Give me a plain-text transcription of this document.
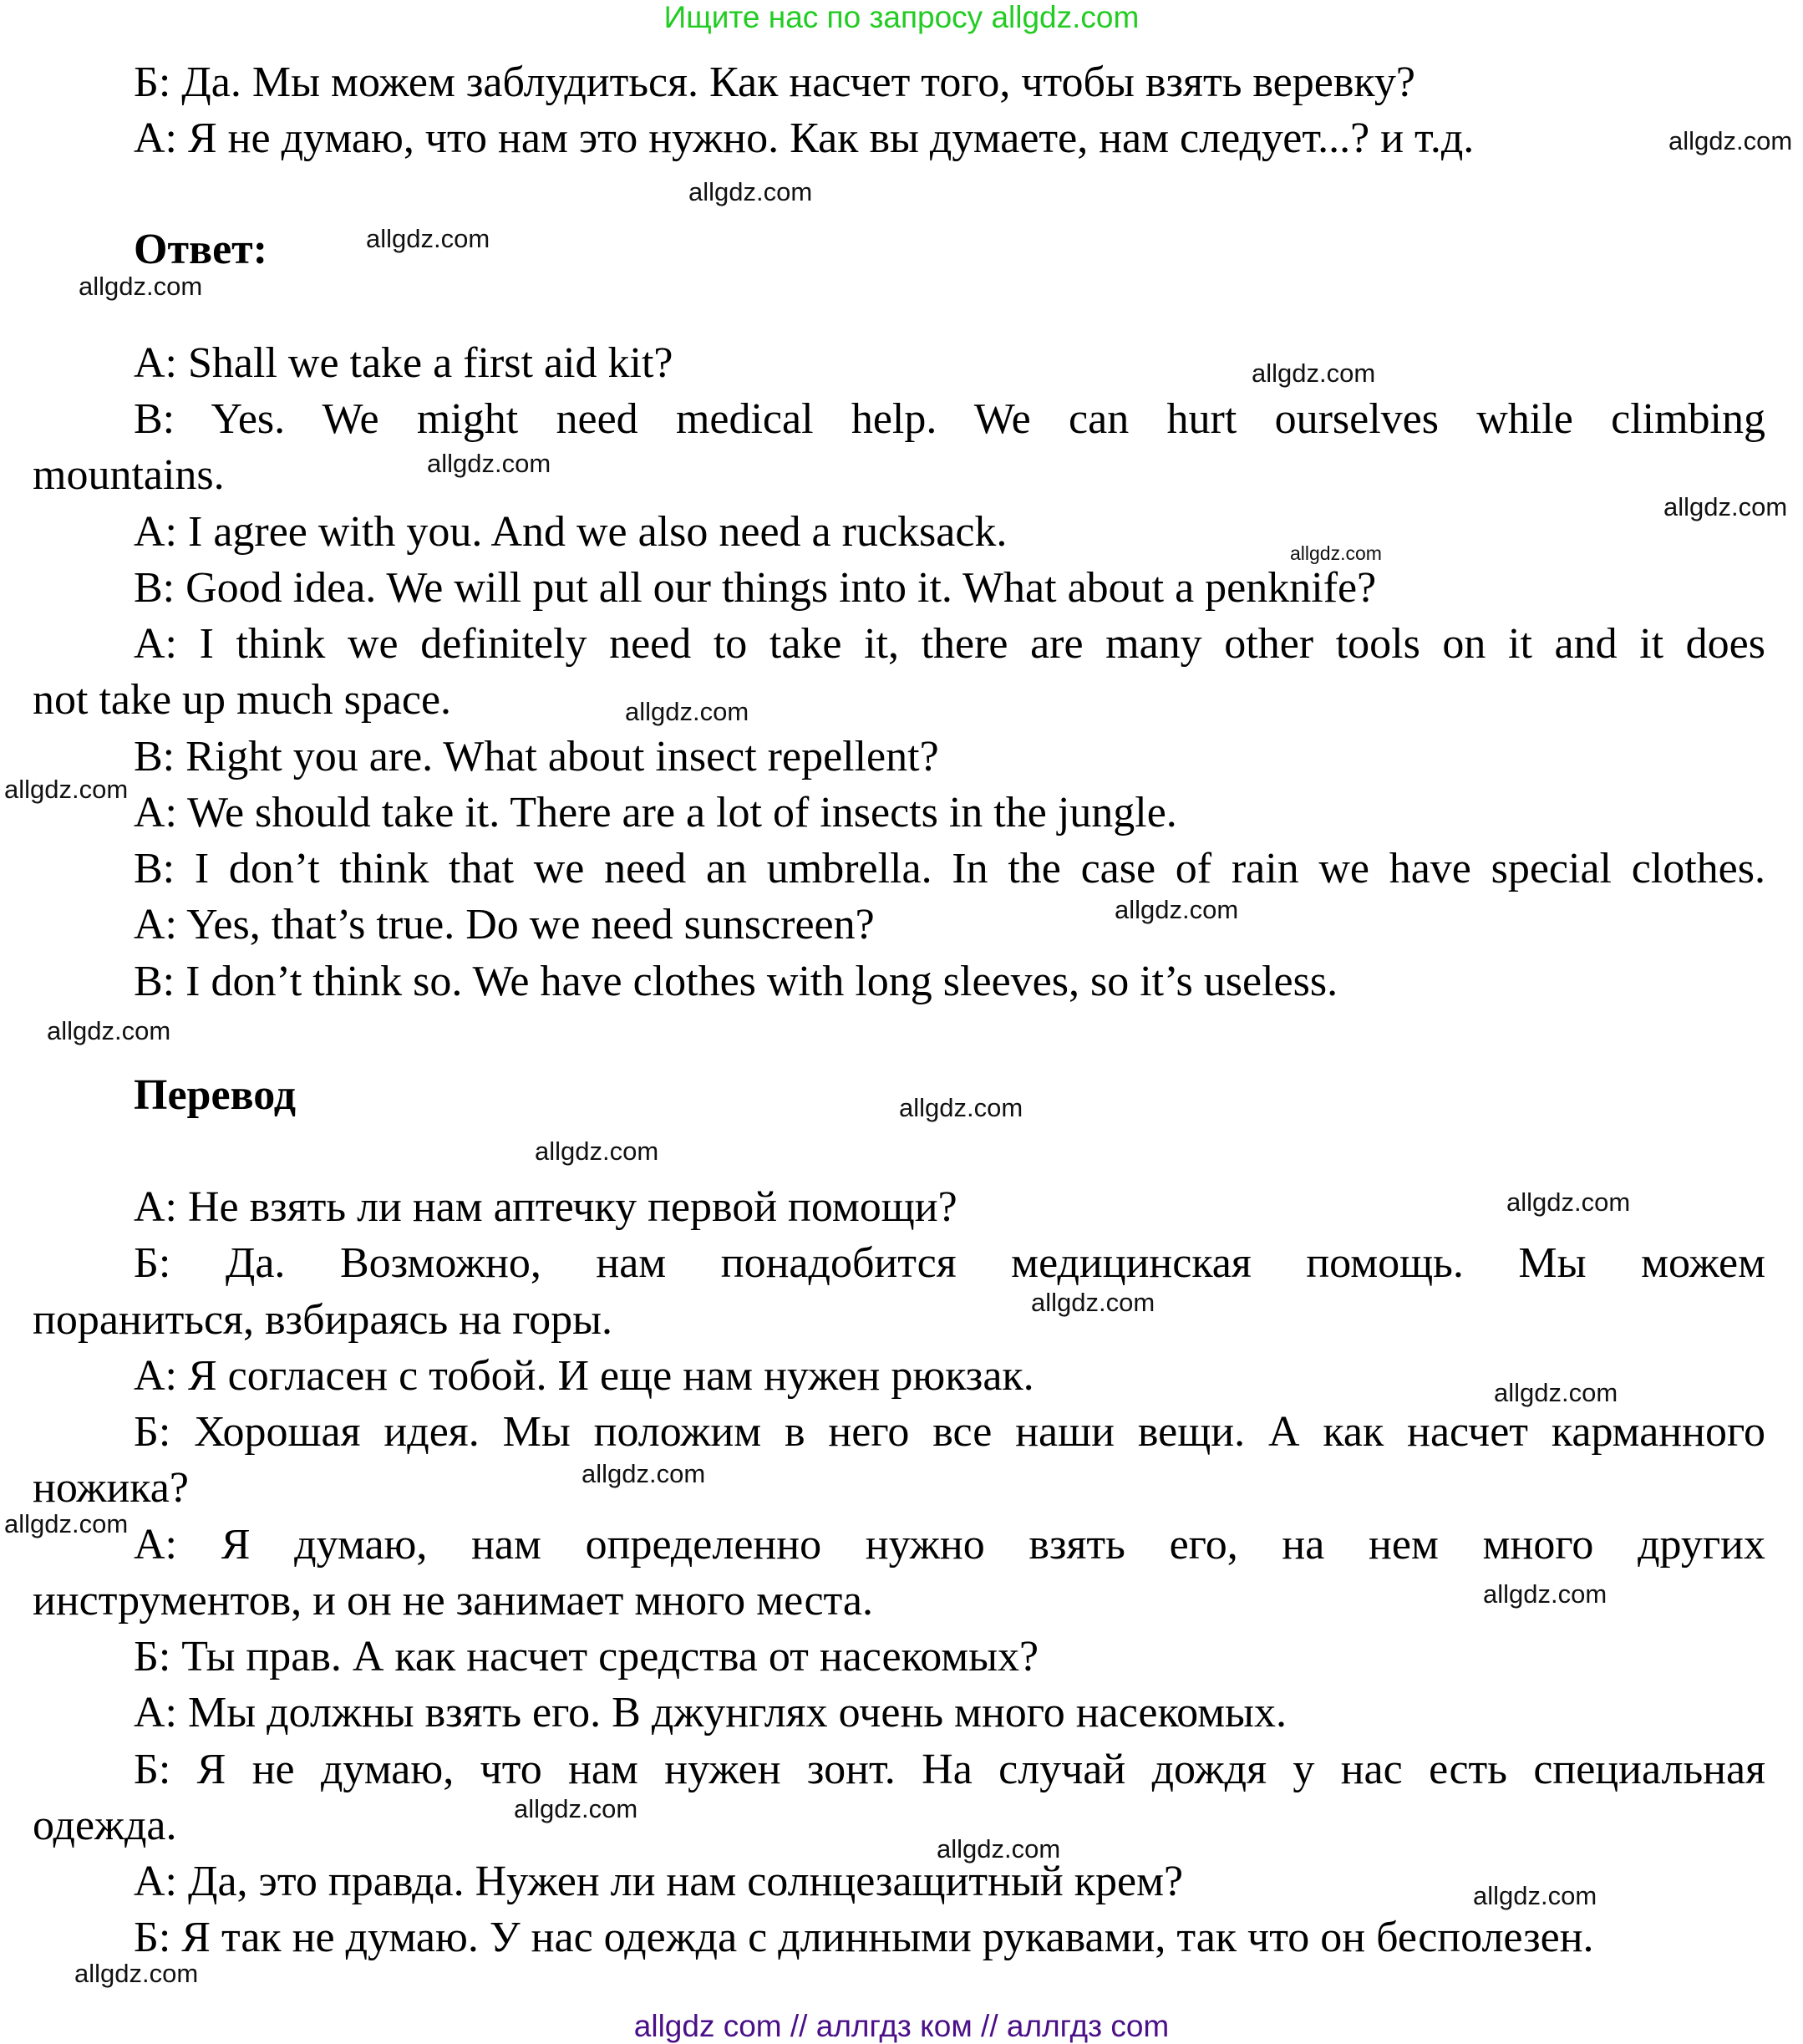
Ищите нас по запросу allgdz.com
Б: Да. Мы можем заблудиться. Как насчет того, чтобы взять веревку?
А: Я не думаю, что нам это нужно. Как вы думаете, нам следует...? и т.д.
Ответ:
A: Shall we take a first aid kit?
B: Yes. We might need medical help. We can hurt ourselves while climbing
mountains.
A: I agree with you. And we also need a rucksack.
B: Good idea. We will put all our things into it. What about a penknife?
A: I think we definitely need to take it, there are many other tools on it and it does
not take up much space.
B: Right you are. What about insect repellent?
A: We should take it. There are a lot of insects in the jungle.
B: I don’t think that we need an umbrella. In the case of rain we have special clothes.
A: Yes, that’s true. Do we need sunscreen?
B: I don’t think so. We have clothes with long sleeves, so it’s useless.
Перевод
А: Не взять ли нам аптечку первой помощи?
Б: Да. Возможно, нам понадобится медицинская помощь. Мы можем
пораниться, взбираясь на горы.
А: Я согласен с тобой. И еще нам нужен рюкзак.
Б: Хорошая идея. Мы положим в него все наши вещи. А как насчет карманного
ножика?
А: Я думаю, нам определенно нужно взять его, на нем много других
инструментов, и он не занимает много места.
Б: Ты прав. А как насчет средства от насекомых?
А: Мы должны взять его. В джунглях очень много насекомых.
Б: Я не думаю, что нам нужен зонт. На случай дождя у нас есть специальная
одежда.
А: Да, это правда. Нужен ли нам солнцезащитный крем?
Б: Я так не думаю. У нас одежда с длинными рукавами, так что он бесполезен.
allgdz.com
allgdz.com
allgdz.com
allgdz.com
allgdz.com
allgdz.com
allgdz.com
allgdz.com
allgdz.com
allgdz.com
allgdz.com
allgdz.com
allgdz.com
allgdz.com
allgdz.com
allgdz.com
allgdz.com
allgdz.com
allgdz.com
allgdz.com
allgdz.com
allgdz.com
allgdz.com
allgdz.com
allgdz com // аллгдз ком // аллгдз com
